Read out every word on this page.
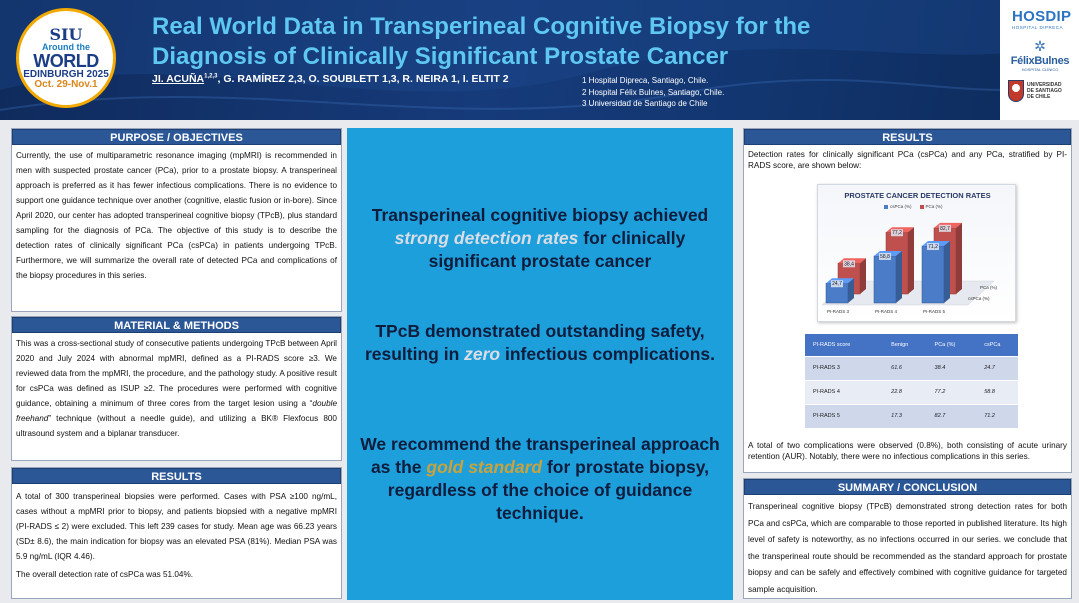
SIU
Around the
WORLD
EDINBURGH 2025
Oct. 29-Nov.1
Real World Data in Transperineal Cognitive Biopsy for the Diagnosis of Clinically Significant Prostate Cancer
JI. ACUÑA$^{1,2,3}$, G. RAMÍREZ 2,3, O. SOUBLETT 1,3, R. NEIRA 1, I. ELTIT 2	1 Hospital Dipreca, Santiago, Chile.
2 Hospital Félix Bulnes, Santiago, Chile.
3 Universidad de Santiago de Chile
HOSDIP
HOSPITAL DIPRECA
✲
FélixBulnes
HOSPITAL CLÍNICO
UNIVERSIDAD DE SANTIAGO DE CHILE
PURPOSE / OBJECTIVES
Currently, the use of multiparametric resonance imaging (mpMRI) is recommended in men with suspected prostate cancer (PCa), prior to a prostate biopsy. A transperineal approach is preferred as it has fewer infectious complications. There is no evidence to support one guidance technique over another (cognitive, elastic fusion or in-bore). Since April 2020, our center has adopted transperineal cognitive biopsy (TPcB), plus standard sampling for the diagnosis of PCa. The objective of this study is to describe the detection rates of clinically significant PCa (csPCa) in patients undergoing TPcB. Furthermore, we will summarize the overall rate of detected PCa and complications of the biopsy procedures in this series.
MATERIAL & METHODS
This was a cross-sectional study of consecutive patients undergoing TPcB between April 2020 and July 2024 with abnormal mpMRI, defined as a PI-RADS score ≥3. We reviewed data from the mpMRI, the procedure, and the pathology study. A positive result for csPCa was defined as ISUP ≥2. The procedures were performed with cognitive guidance, obtaining a minimum of three cores from the target lesion using a “double freehand” technique (without a needle guide), and utilizing a BK® Flexfocus 800 ultrasound system and a biplanar transducer.
RESULTS
A total of 300 transperineal biopsies were performed. Cases with PSA ≥100 ng/mL, cases without a mpMRI prior to biopsy, and patients biopsied with a negative mpMRI (PI-RADS ≤ 2) were excluded. This left 239 cases for study. Mean age was 66.23 years (SD± 8.6), the main indication for biopsy was an elevated PSA (81%). Median PSA was 5.9 ng/mL (IQR 4.46).
The overall detection rate of csPCa was 51.04%.
Transperineal cognitive biopsy achieved strong detection rates for clinically significant prostate cancer
TPcB demonstrated outstanding safety, resulting in zero infectious complications.
We recommend the transperineal approach as the gold standard for prostate biopsy, regardless of the choice of guidance technique.
RESULTS
Detection rates for clinically significant PCa (csPCa) and any PCa, stratified by PI-RADS score, are shown below:
A total of two complications were observed (0.8%), both consisting of acute urinary retention (AUR). Notably, there were no infectious complications in this series.
PROSTATE CANCER DETECTION RATES
csPCa (%)	PCa (%)
38,4
77,2
82,7
24,7
58,8
71,2
PI-RADS 3	PI-RADS 4	PI-RADS 5
csPCa (%)
PCa (%)
PI-RADS score	Benign	PCa (%)	csPCa
PI-RADS 3	61.6	38.4	24.7
PI-RADS 4	22.8	77.2	58.8
PI-RADS 5	17.3	82.7	71.2
SUMMARY / CONCLUSION
Transperineal cognitive biopsy (TPcB) demonstrated strong detection rates for both PCa and csPCa, which are comparable to those reported in published literature. Its high level of safety is noteworthy, as no infections occurred in our series. we conclude that the transperineal route should be recommended as the standard approach for prostate biopsy and can be safely and effectively combined with cognitive guidance for targeted sample acquisition.
